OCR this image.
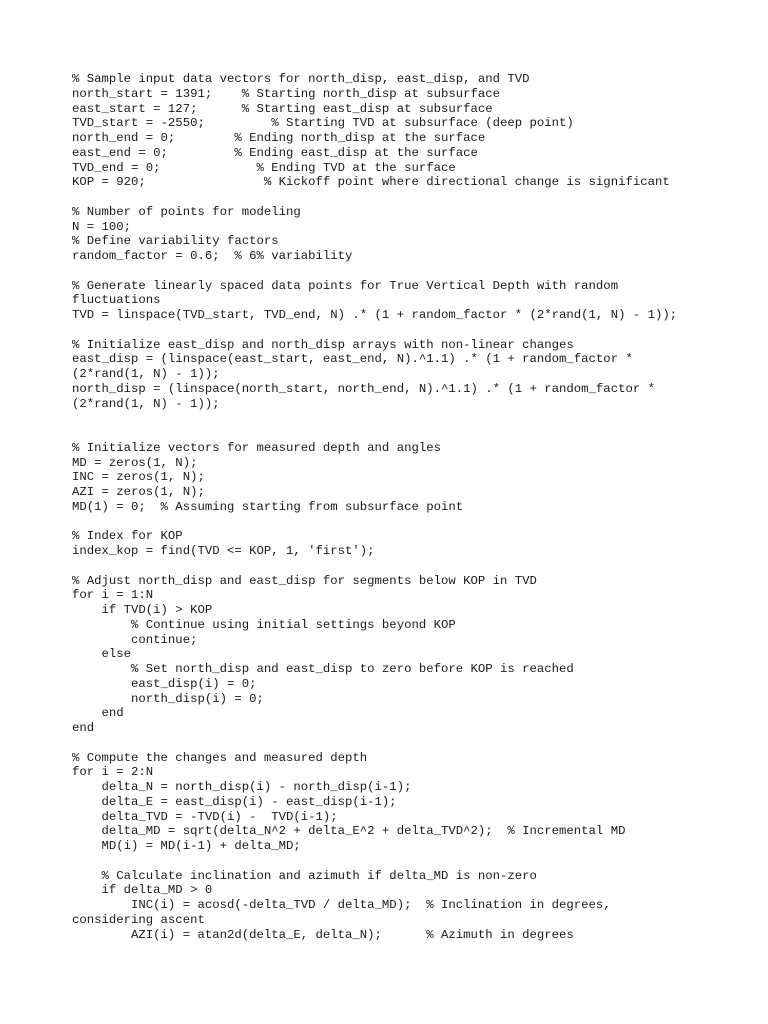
% Sample input data vectors for north_disp, east_disp, and TVD
north_start = 1391;    % Starting north_disp at subsurface
east_start = 127;      % Starting east_disp at subsurface
TVD_start = -2550;         % Starting TVD at subsurface (deep point)
north_end = 0;        % Ending north_disp at the surface
east_end = 0;         % Ending east_disp at the surface
TVD_end = 0;             % Ending TVD at the surface
KOP = 920;                % Kickoff point where directional change is significant
% Number of points for modeling
N = 100;
% Define variability factors
random_factor = 0.6;  % 6% variability
% Generate linearly spaced data points for True Vertical Depth with random
fluctuations
TVD = linspace(TVD_start, TVD_end, N) .* (1 + random_factor * (2*rand(1, N) - 1));
% Initialize east_disp and north_disp arrays with non-linear changes
east_disp = (linspace(east_start, east_end, N).^1.1) .* (1 + random_factor *
(2*rand(1, N) - 1));
north_disp = (linspace(north_start, north_end, N).^1.1) .* (1 + random_factor *
(2*rand(1, N) - 1));
% Initialize vectors for measured depth and angles
MD = zeros(1, N);
INC = zeros(1, N);
AZI = zeros(1, N);
MD(1) = 0;  % Assuming starting from subsurface point
% Index for KOP
index_kop = find(TVD <= KOP, 1, 'first');
% Adjust north_disp and east_disp for segments below KOP in TVD
for i = 1:N
if TVD(i) > KOP
% Continue using initial settings beyond KOP
continue;
else
% Set north_disp and east_disp to zero before KOP is reached
east_disp(i) = 0;
north_disp(i) = 0;
end
end
% Compute the changes and measured depth
for i = 2:N
delta_N = north_disp(i) - north_disp(i-1);
delta_E = east_disp(i) - east_disp(i-1);
delta_TVD = -TVD(i) -  TVD(i-1);
delta_MD = sqrt(delta_N^2 + delta_E^2 + delta_TVD^2);  % Incremental MD
MD(i) = MD(i-1) + delta_MD;
% Calculate inclination and azimuth if delta_MD is non-zero
if delta_MD > 0
INC(i) = acosd(-delta_TVD / delta_MD);  % Inclination in degrees,
considering ascent
AZI(i) = atan2d(delta_E, delta_N);      % Azimuth in degrees
